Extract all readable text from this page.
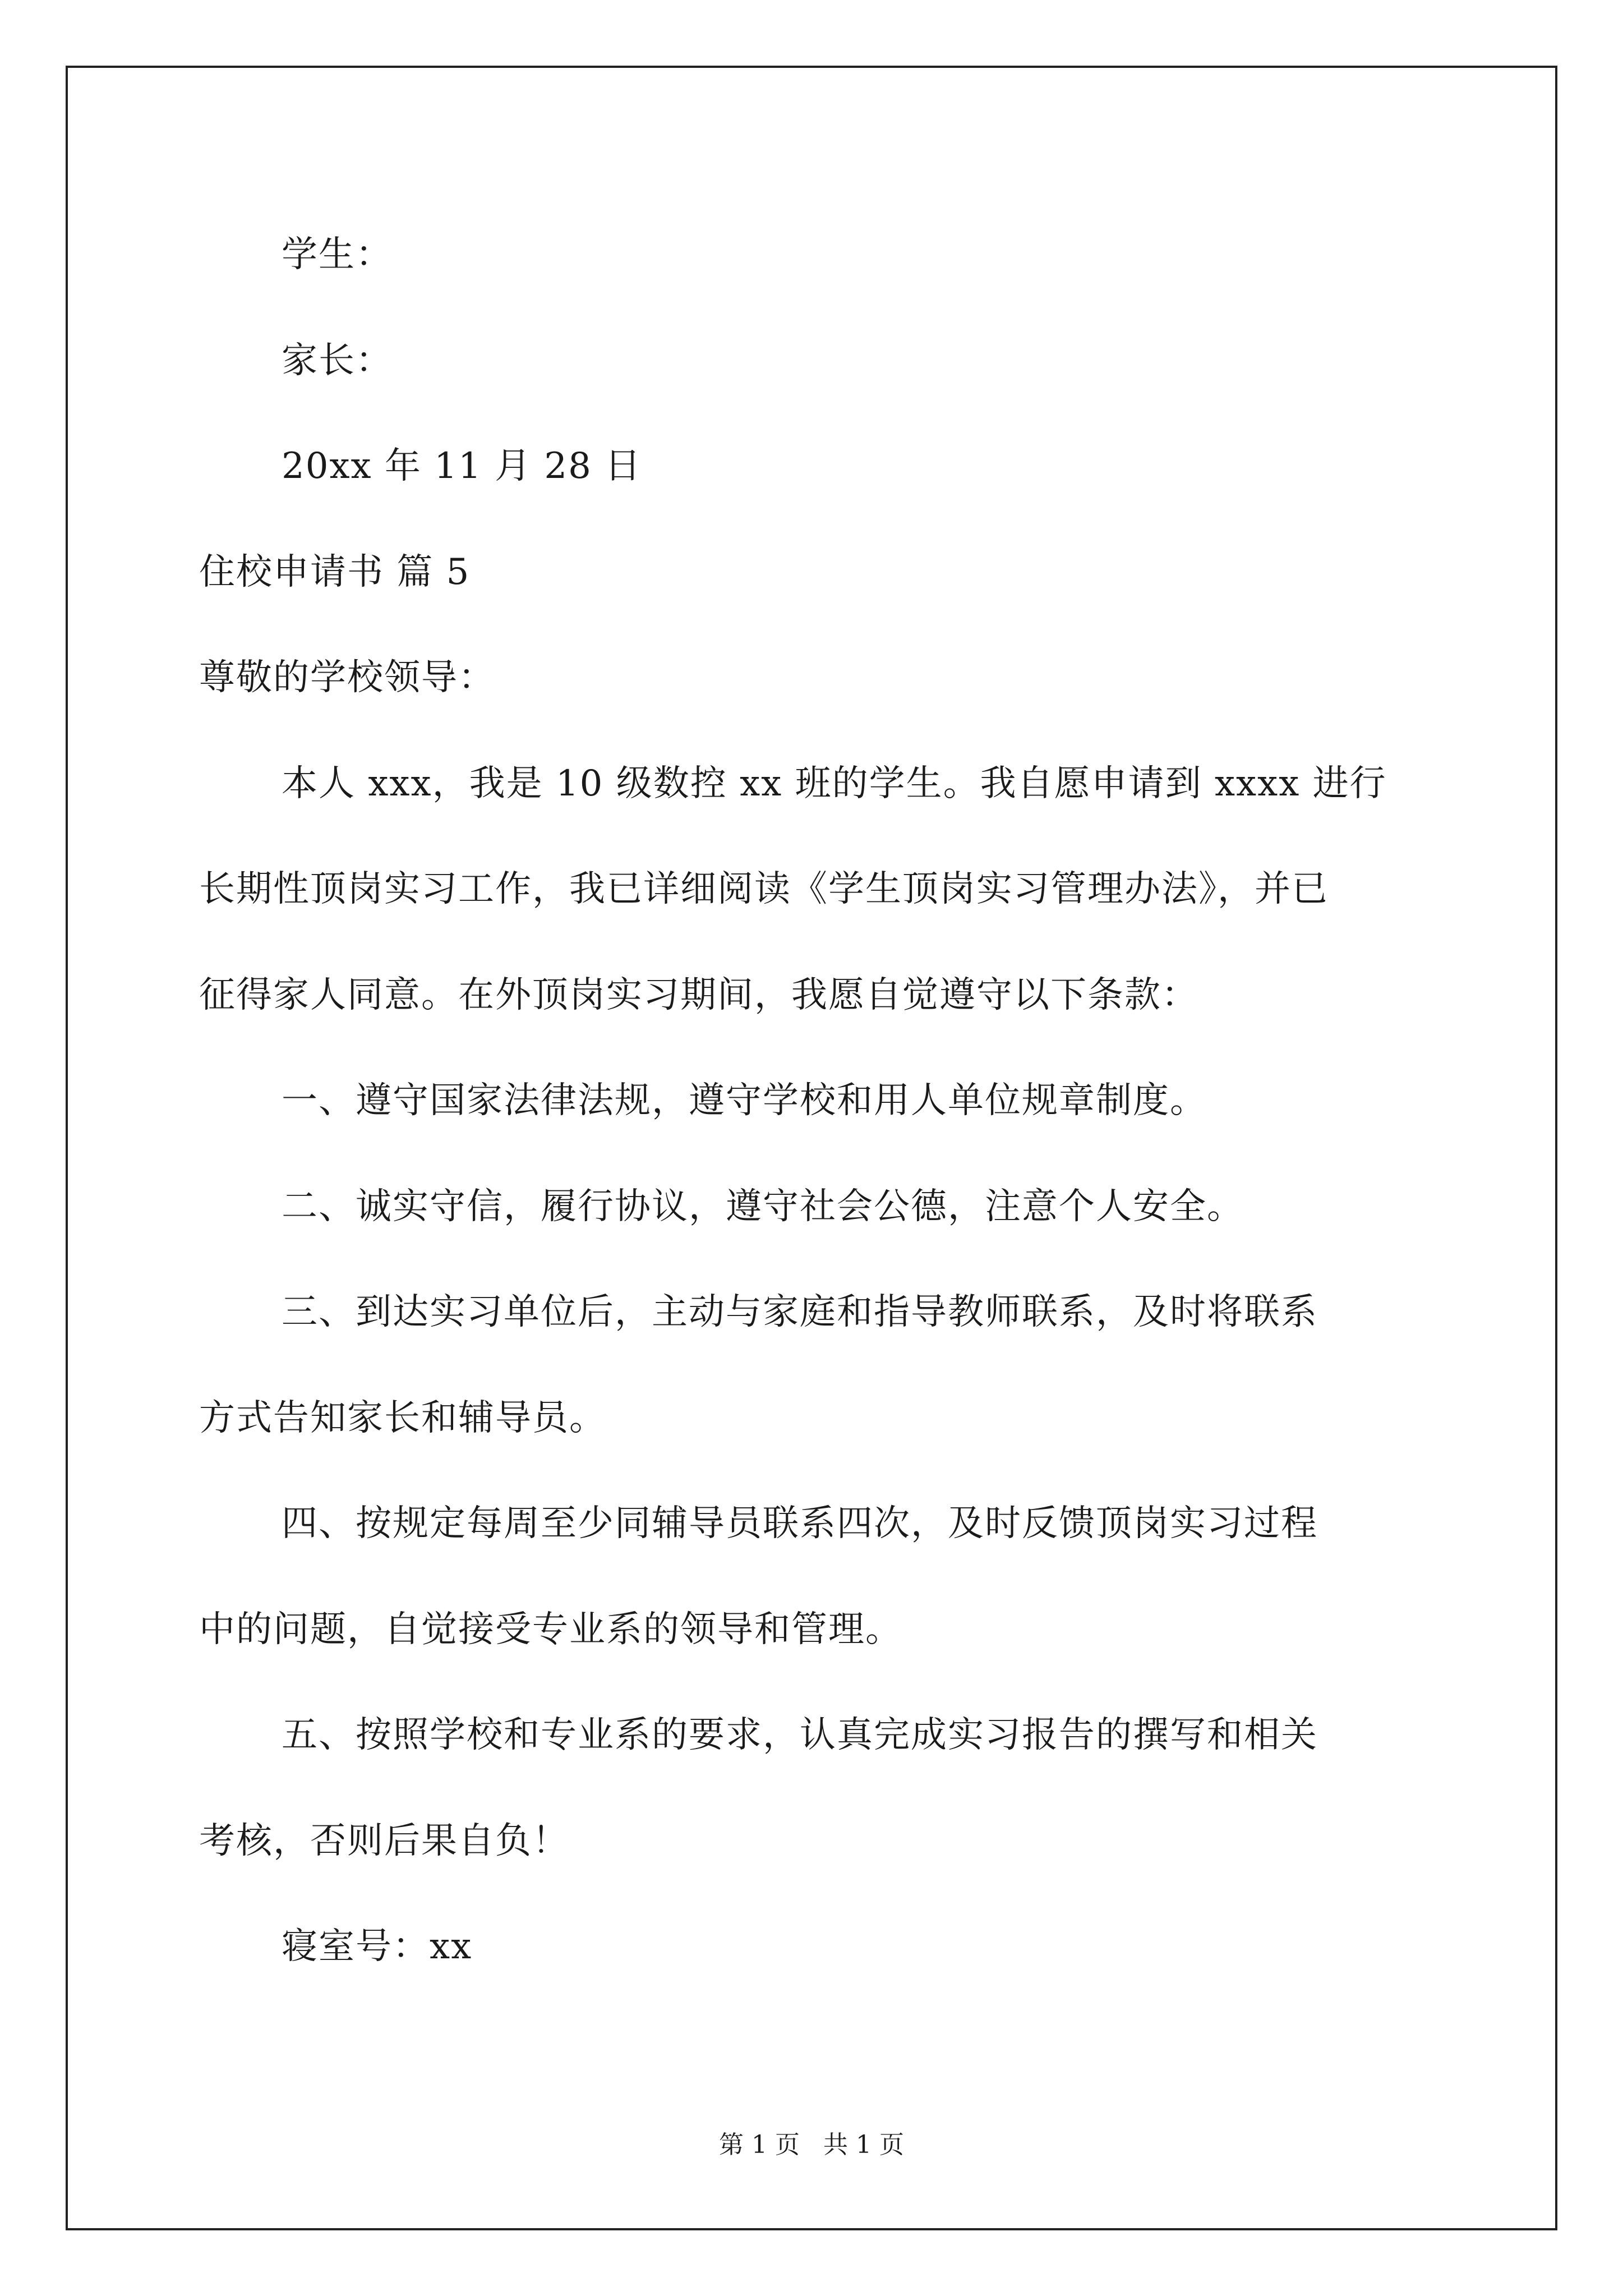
学生：
家长：
20xx 年 11 月 28 日
住校申请书 篇 5
尊敬的学校领导：
本人 xxx，我是 10 级数控 xx 班的学生。我自愿申请到 xxxx 进行
长期性顶岗实习工作，我已详细阅读《学生顶岗实习管理办法》，并已
征得家人同意。在外顶岗实习期间，我愿自觉遵守以下条款：
一、遵守国家法律法规，遵守学校和用人单位规章制度。
二、诚实守信，履行协议，遵守社会公德，注意个人安全。
三、到达实习单位后，主动与家庭和指导教师联系，及时将联系
方式告知家长和辅导员。
四、按规定每周至少同辅导员联系四次，及时反馈顶岗实习过程
中的问题，自觉接受专业系的领导和管理。
五、按照学校和专业系的要求，认真完成实习报告的撰写和相关
考核，否则后果自负！
寝室号：xx
第 1 页   共 1 页
